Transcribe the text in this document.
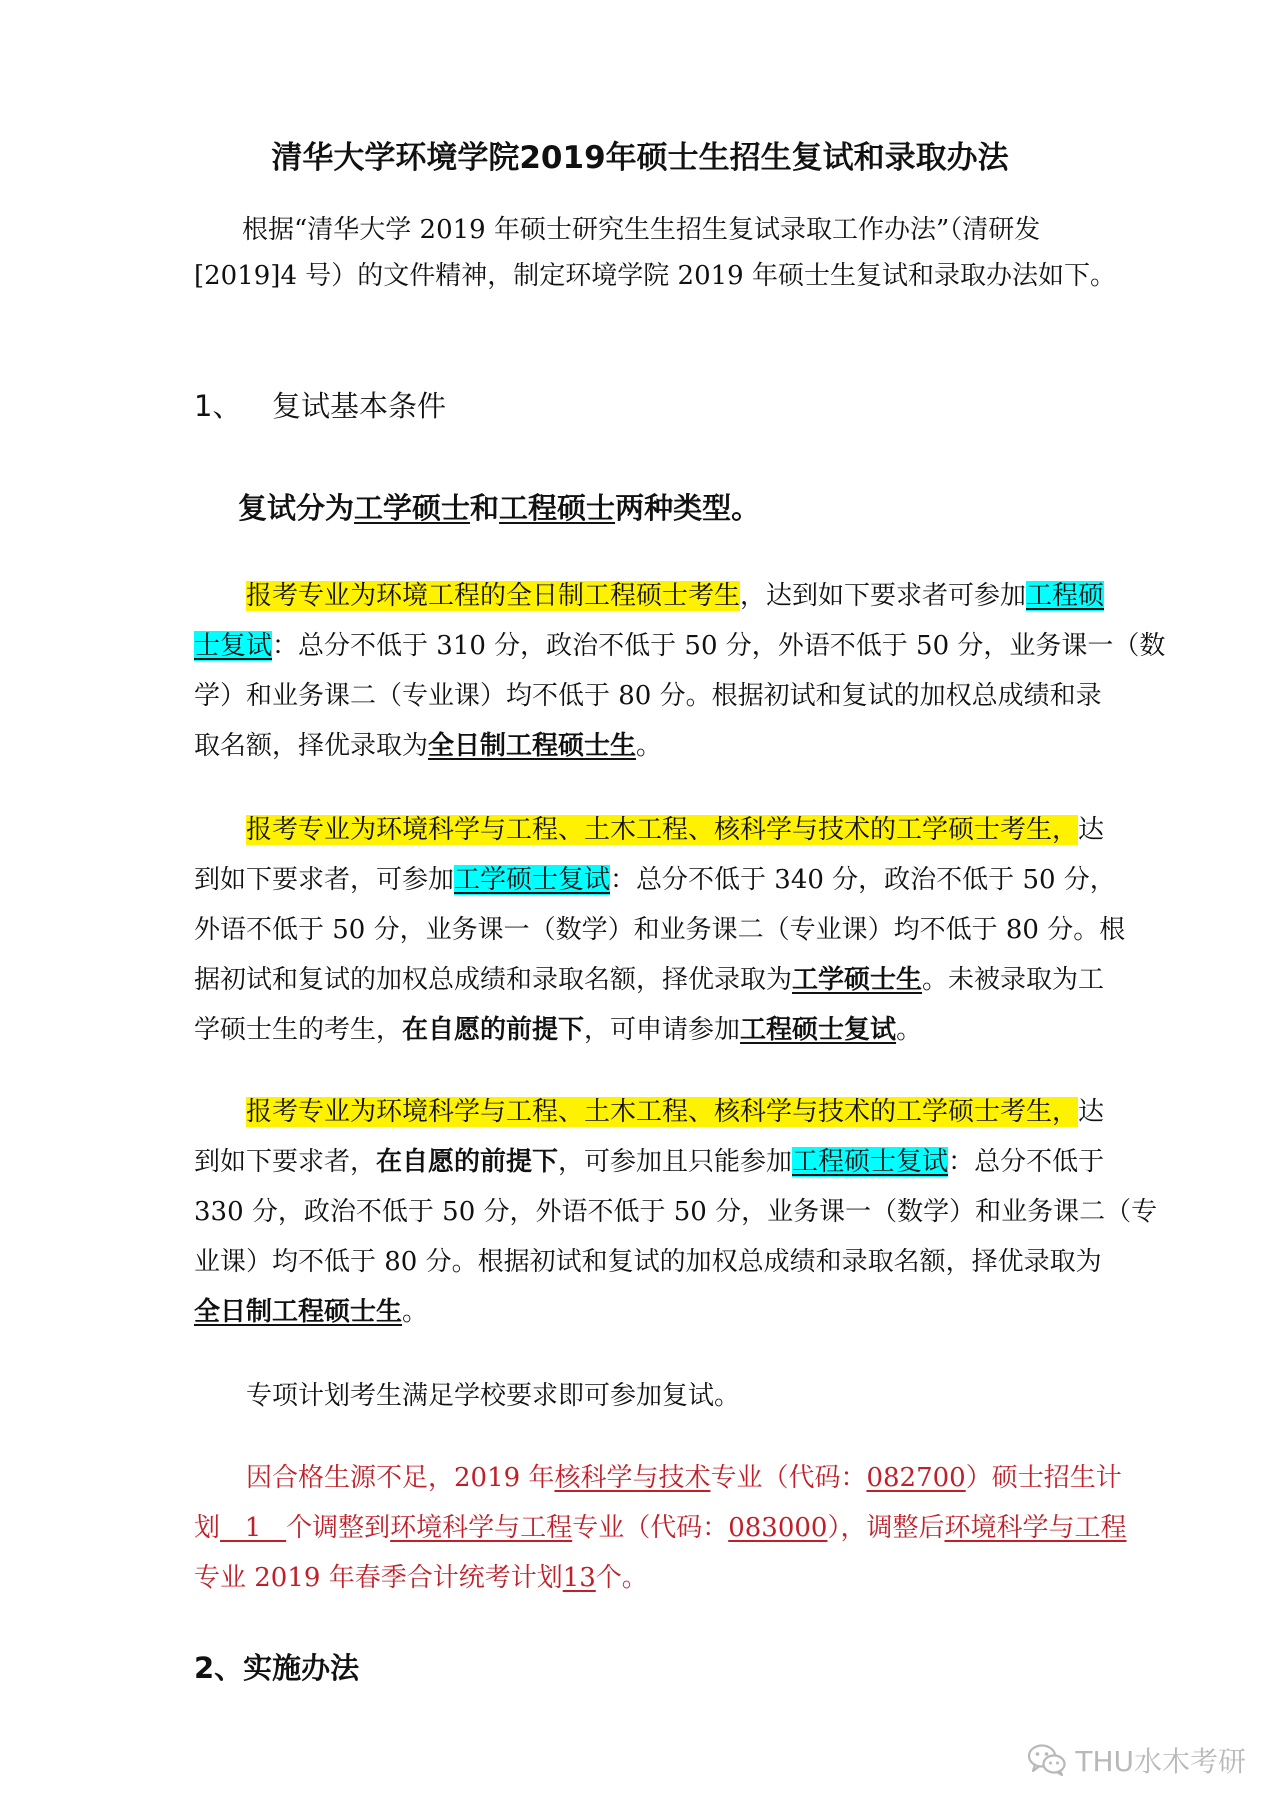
清华大学环境学院2019年硕士生招生复试和录取办法
根据“清华大学 2019 年硕士研究生生招生复试录取工作办法”（清研发
[2019]4 号）的文件精神，制定环境学院 2019 年硕士生复试和录取办法如下。
1、 复试基本条件
复试分为工学硕士和工程硕士两种类型。
报考专业为环境工程的全日制工程硕士考生，达到如下要求者可参加工程硕
士复试：总分不低于 310 分，政治不低于 50 分，外语不低于 50 分，业务课一（数
学）和业务课二（专业课）均不低于 80 分。根据初试和复试的加权总成绩和录
取名额，择优录取为全日制工程硕士生。
报考专业为环境科学与工程、土木工程、核科学与技术的工学硕士考生，达
到如下要求者，可参加工学硕士复试：总分不低于 340 分，政治不低于 50 分，
外语不低于 50 分，业务课一（数学）和业务课二（专业课）均不低于 80 分。根
据初试和复试的加权总成绩和录取名额，择优录取为工学硕士生。未被录取为工
学硕士生的考生，在自愿的前提下，可申请参加工程硕士复试。
报考专业为环境科学与工程、土木工程、核科学与技术的工学硕士考生，达
到如下要求者，在自愿的前提下，可参加且只能参加工程硕士复试：总分不低于
330 分，政治不低于 50 分，外语不低于 50 分，业务课一（数学）和业务课二（专
业课）均不低于 80 分。根据初试和复试的加权总成绩和录取名额，择优录取为
全日制工程硕士生。
专项计划考生满足学校要求即可参加复试。
因合格生源不足，2019 年核科学与技术专业（代码：082700）硕士招生计
划   1   个调整到环境科学与工程专业（代码：083000），调整后环境科学与工程
专业 2019 年春季合计统考计划13个。
2、实施办法
THU水木考研
